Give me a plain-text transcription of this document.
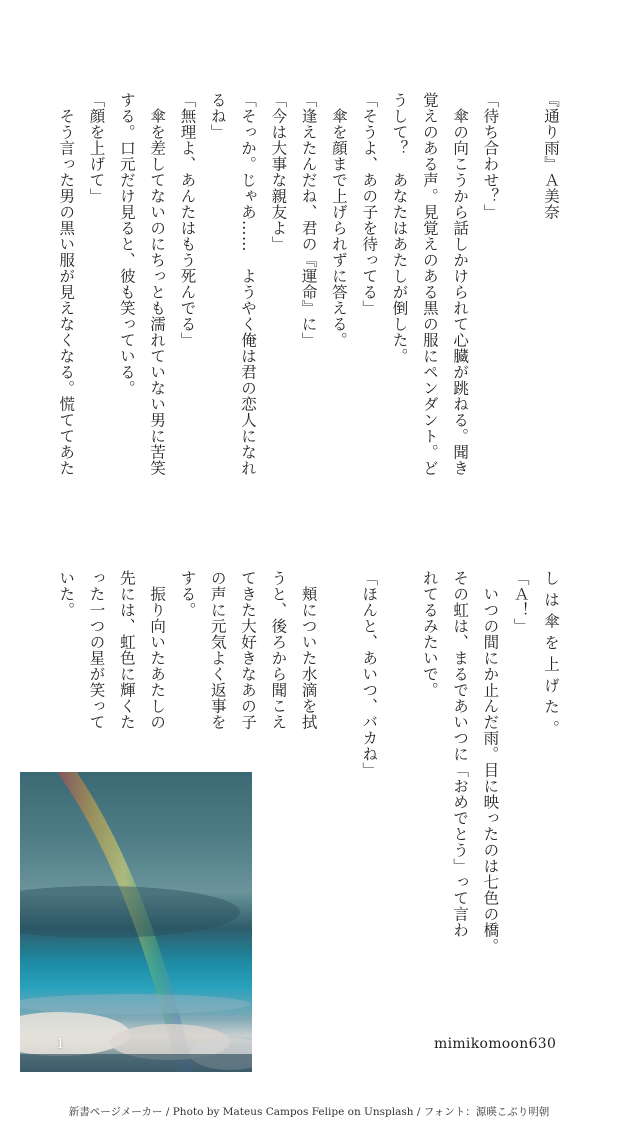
『通り雨』Ａ美奈

「待ち合わせ？」

　傘の向こうから話しかけられて心臓が跳ねる。聞き

覚えのある声。見覚えのある黒の服にペンダント。ど

うして？　あなたはあたしが倒した。

「そうよ、あの子を待ってる」

　傘を顔まで上げられずに答える。

「逢えたんだね、君の『運命』に」

「今は大事な親友よ」

「そっか。じゃあ……　ようやく俺は君の恋人になれ

るね」

「無理よ、あんたはもう死んでる」

　傘を差してないのにちっとも濡れていない男に苦笑

する。口元だけ見ると、彼も笑っている。

「顔を上げて」

　そう言った男の黒い服が見えなくなる。慌ててあた

し は 傘 を 上 げ た 。

「Ａ！」

　いつの間にか止んだ雨。目に映ったのは七色の橋。

その虹は、まるであいつに「おめでとう」って言わ

れてるみたいで。

「ほんと、あいつ、バカね」

　頬についた水滴を拭

うと、後ろから聞こえ

てきた大好きなあの子

の声に元気よく返事を

する。

　振り向いたあたしの

先には、虹色に輝くた

った一つの星が笑って

いた。

1	mimikomoon630
新書ページメーカー / Photo by Mateus Campos Felipe on Unsplash / フォント：源暎こぶり明朝
